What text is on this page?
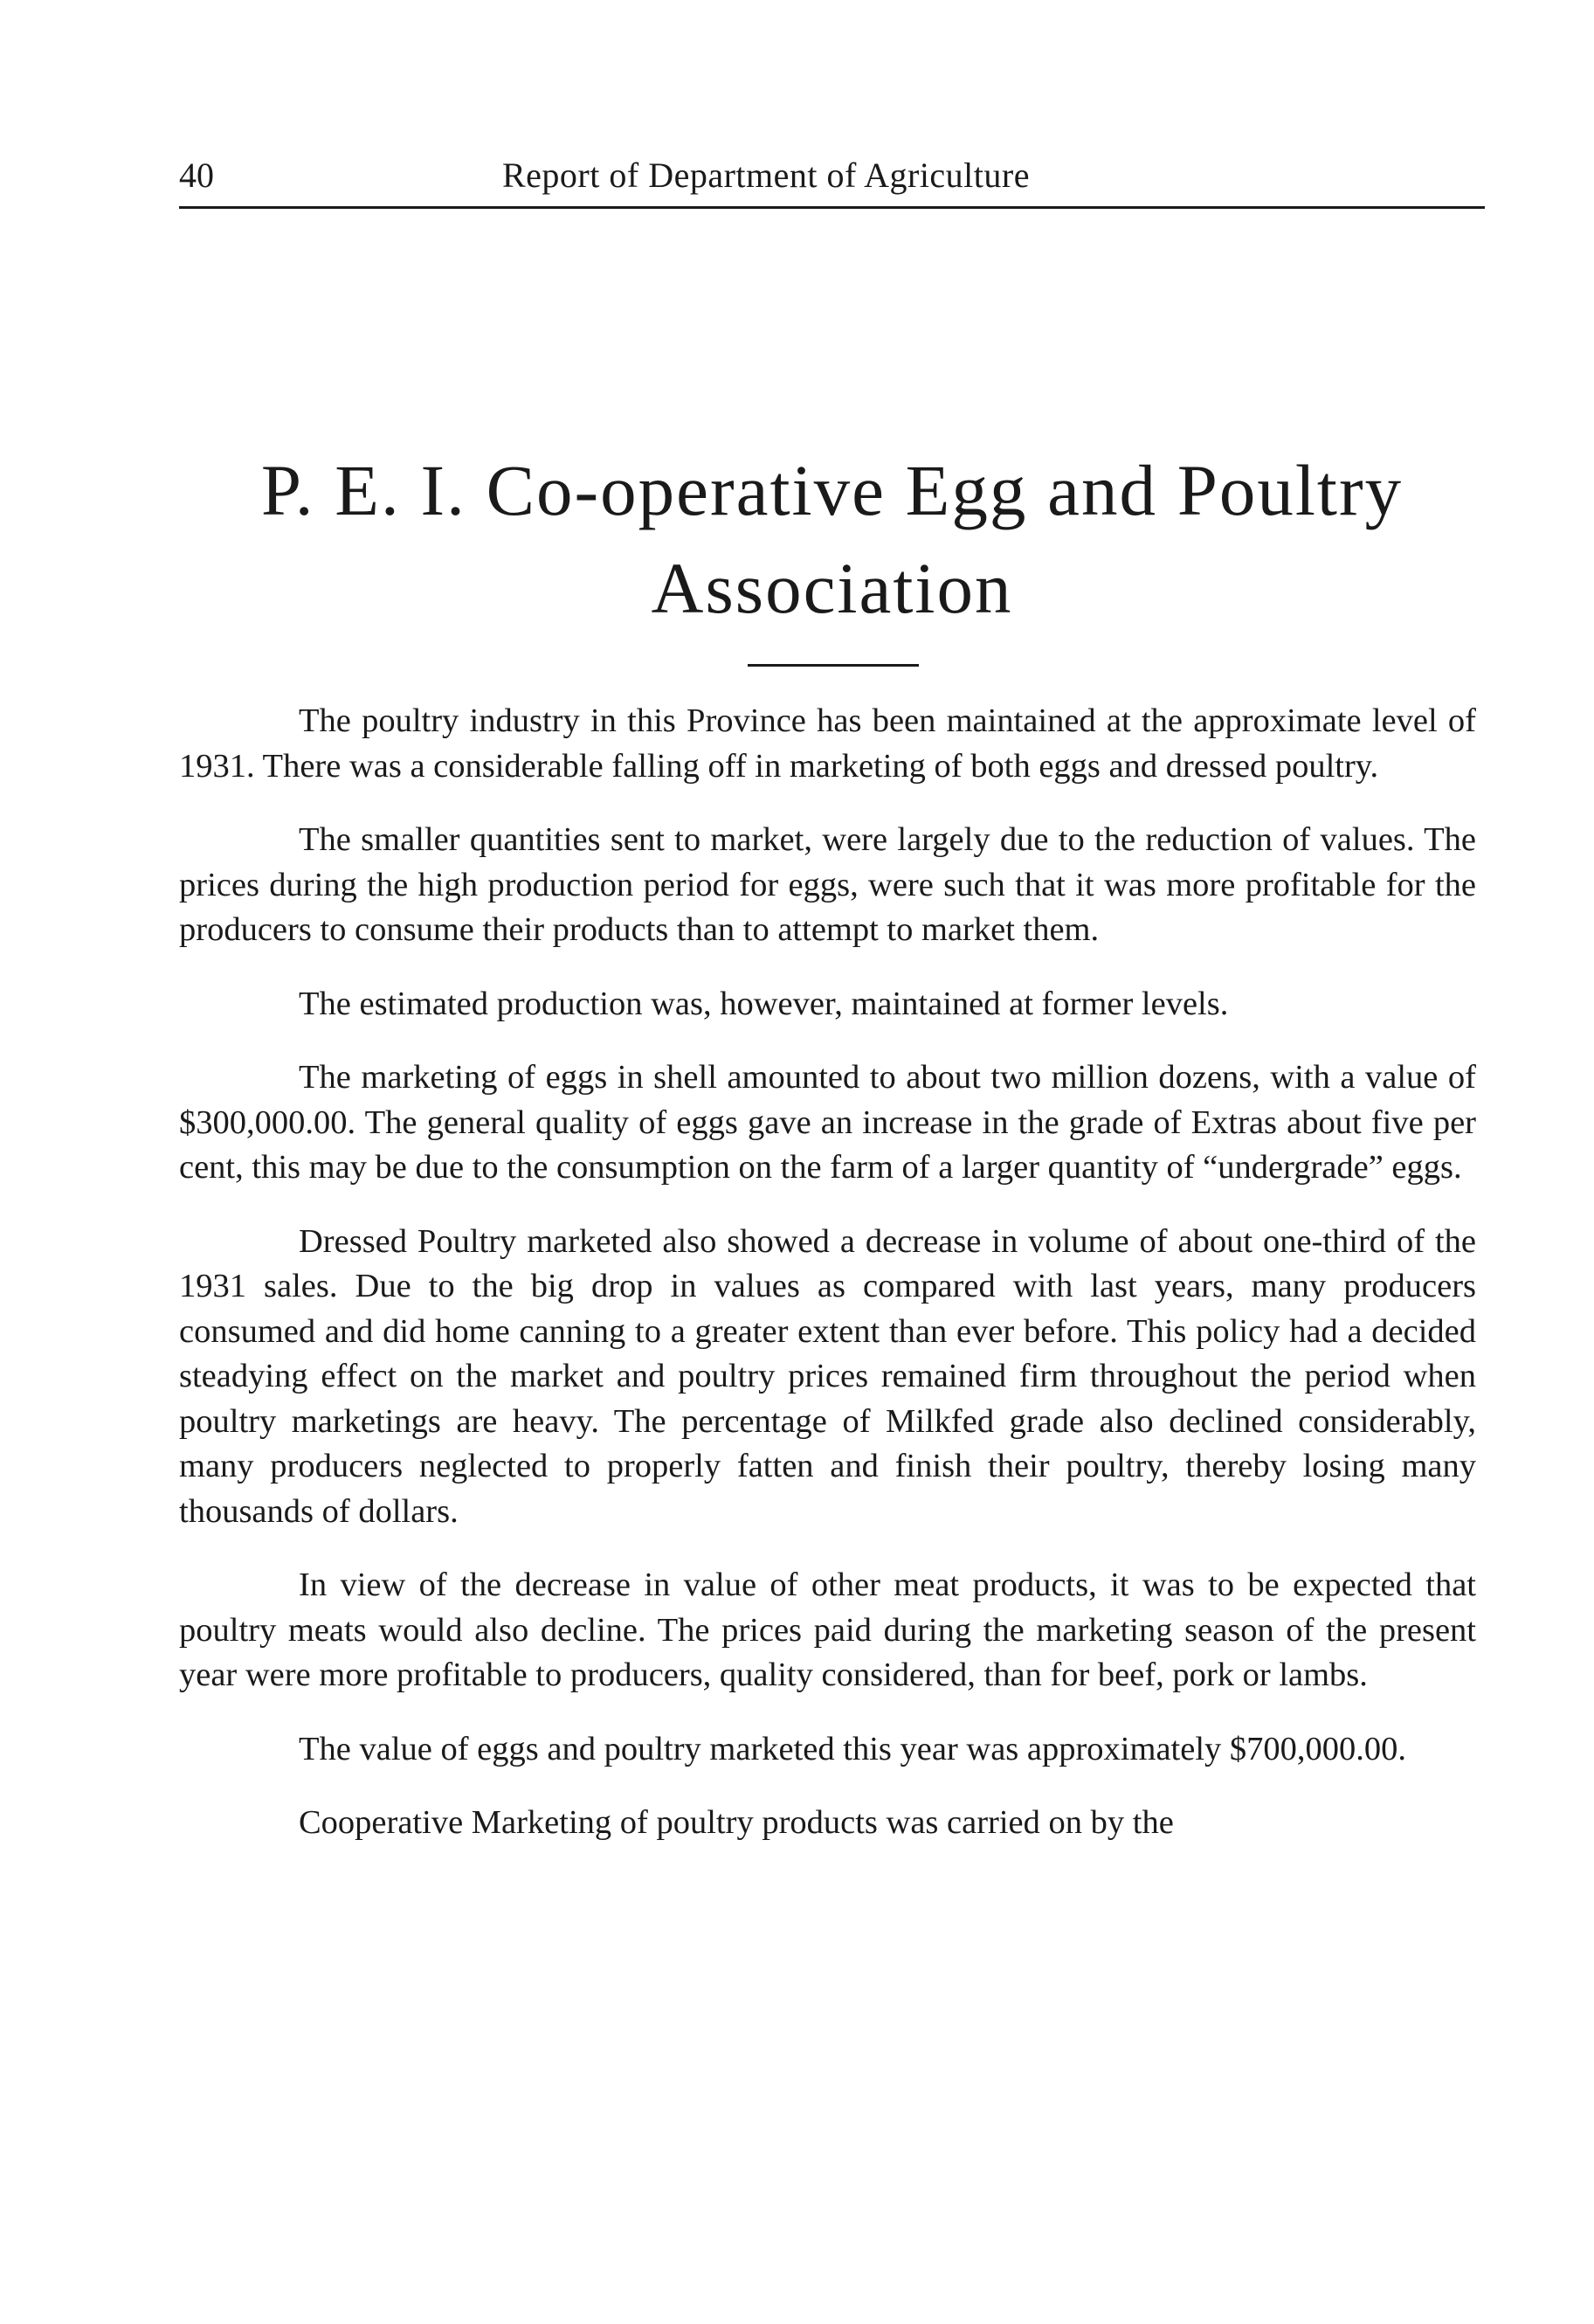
40	Report of Department of Agriculture
P. E. I. Co-operative Egg and Poultry Association

The poultry industry in this Province has been maintained at the approximate level of 1931. There was a considerable falling off in marketing of both eggs and dressed poultry.

The smaller quantities sent to market, were largely due to the reduction of values. The prices during the high production period for eggs, were such that it was more profitable for the producers to consume their products than to attempt to market them.

The estimated production was, however, maintained at former levels.

The marketing of eggs in shell amounted to about two million dozens, with a value of $300,000.00. The general quality of eggs gave an increase in the grade of Extras about five per cent, this may be due to the consumption on the farm of a larger quantity of “undergrade” eggs.

Dressed Poultry marketed also showed a decrease in volume of about one-third of the 1931 sales. Due to the big drop in values as compared with last years, many producers consumed and did home canning to a greater extent than ever before. This policy had a decided steadying effect on the market and poultry prices remained firm throughout the period when poultry marketings are heavy. The percentage of Milkfed grade also declined considerably, many producers neglected to properly fatten and finish their poultry, thereby losing many thousands of dollars.

In view of the decrease in value of other meat products, it was to be expected that poultry meats would also decline. The prices paid during the marketing season of the present year were more profitable to producers, quality considered, than for beef, pork or lambs.

The value of eggs and poultry marketed this year was approximately $700,000.00.

Cooperative Marketing of poultry products was carried on by the
